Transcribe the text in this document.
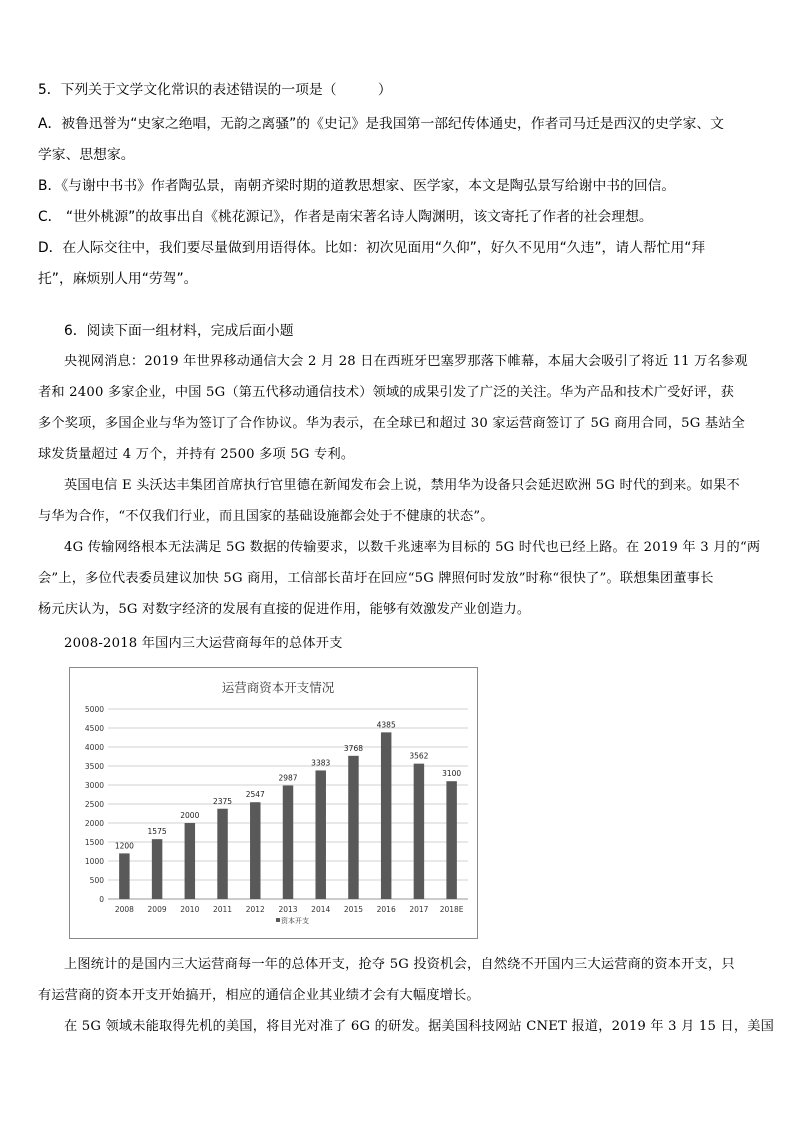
5．下列关于文学文化常识的表述错误的一项是（　　　）
A．被鲁迅誉为“史家之绝唱，无韵之离骚”的《史记》是我国第一部纪传体通史，作者司马迁是西汉的史学家、文
学家、思想家。
B．《与谢中书书》作者陶弘景，南朝齐梁时期的道教思想家、医学家，本文是陶弘景写给谢中书的回信。
C． “世外桃源”的故事出自《桃花源记》，作者是南宋著名诗人陶渊明，该文寄托了作者的社会理想。
D．在人际交往中，我们要尽量做到用语得体。比如：初次见面用“久仰”，好久不见用“久违”，请人帮忙用“拜
托”，麻烦别人用“劳驾”。
6．阅读下面一组材料，完成后面小题
央视网消息：2019 年世界移动通信大会 2 月 28 日在西班牙巴塞罗那落下帷幕，本届大会吸引了将近 11 万名参观
者和 2400 多家企业，中国 5G（第五代移动通信技术）领域的成果引发了广泛的关注。华为产品和技术广受好评，获
多个奖项，多国企业与华为签订了合作协议。华为表示，在全球已和超过 30 家运营商签订了 5G 商用合同，5G 基站全
球发货量超过 4 万个，并持有 2500 多项 5G 专利。
英国电信 E 头沃达丰集团首席执行官里德在新闻发布会上说，禁用华为设备只会延迟欧洲 5G 时代的到来。如果不
与华为合作，“不仅我们行业，而且国家的基础设施都会处于不健康的状态”。
4G 传输网络根本无法满足 5G 数据的传输要求，以数千兆速率为目标的 5G 时代也已经上路。在 2019 年 3 月的“两
会”上，多位代表委员建议加快 5G 商用，工信部长苗圩在回应“5G 牌照何时发放”时称“很快了”。联想集团董事长
杨元庆认为，5G 对数字经济的发展有直接的促进作用，能够有效激发产业创造力。
2008-2018 年国内三大运营商每年的总体开支
运营商资本开支情况
0
500
1000
1500
2000
2500
3000
3500
4000
4500
5000
1200
2008
1575
2009
2000
2010
2375
2011
2547
2012
2987
2013
3383
2014
3768
2015
4385
2016
3562
2017
3100
2018E
资本开支
上图统计的是国内三大运营商每一年的总体开支，抢夺 5G 投资机会，自然绕不开国内三大运营商的资本开支，只
有运营商的资本开支开始搞开，相应的通信企业其业绩才会有大幅度增长。
在 5G 领域未能取得先机的美国，将目光对准了 6G 的研发。据美国科技网站 CNET 报道，2019 年 3 月 15 日，美国
